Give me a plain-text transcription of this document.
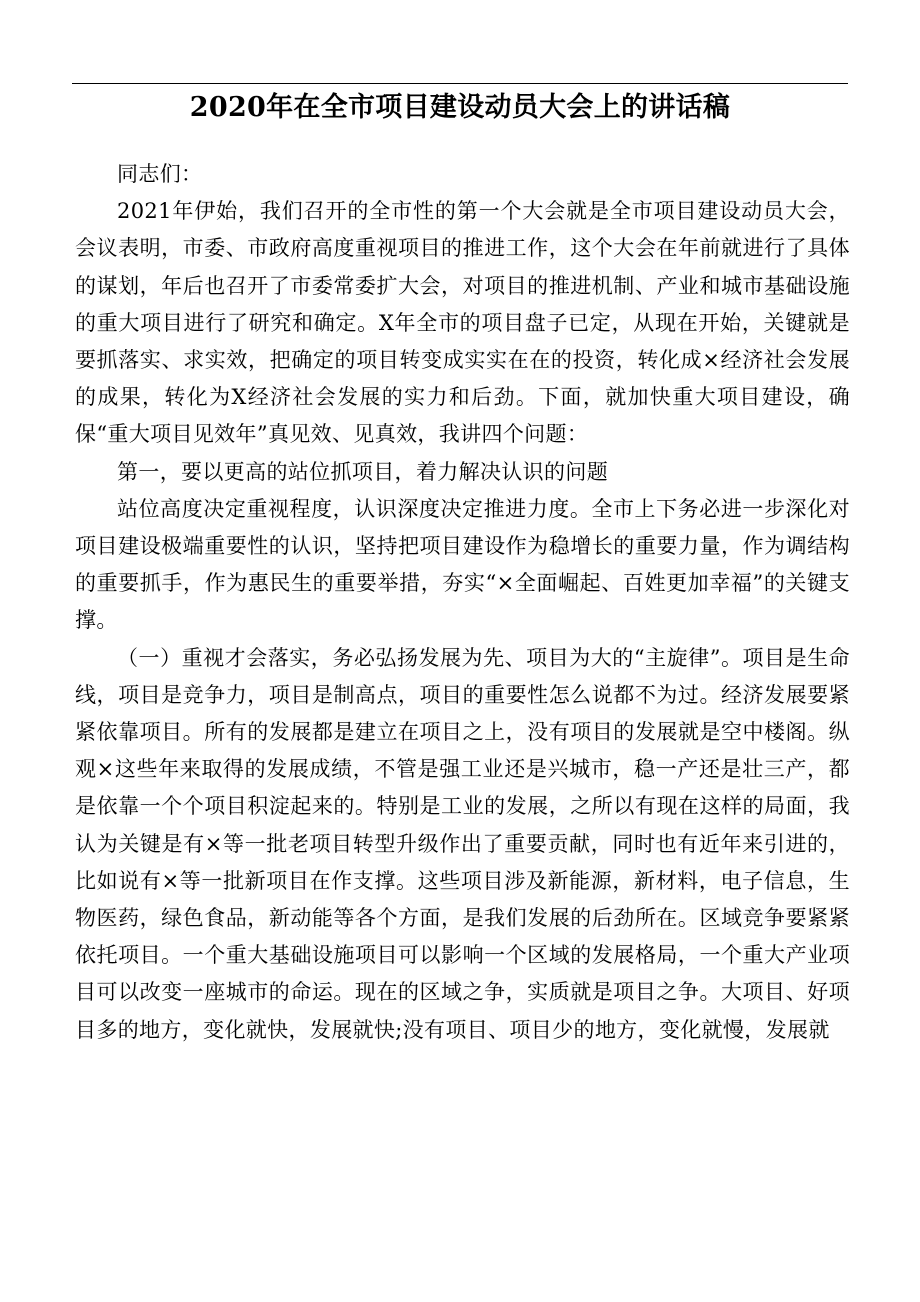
2020年在全市项目建设动员大会上的讲话稿

同志们：

2021年伊始，我们召开的全市性的第一个大会就是全市项目建设动员大会，会议表明，市委、市政府高度重视项目的推进工作，这个大会在年前就进行了具体的谋划，年后也召开了市委常委扩大会，对项目的推进机制、产业和城市基础设施的重大项目进行了研究和确定。X年全市的项目盘子已定，从现在开始，关键就是要抓落实、求实效，把确定的项目转变成实实在在的投资，转化成×经济社会发展的成果，转化为X经济社会发展的实力和后劲。下面，就加快重大项目建设，确保“重大项目见效年”真见效、见真效，我讲四个问题：

第一，要以更高的站位抓项目，着力解决认识的问题

站位高度决定重视程度，认识深度决定推进力度。全市上下务必进一步深化对项目建设极端重要性的认识，坚持把项目建设作为稳增长的重要力量，作为调结构的重要抓手，作为惠民生的重要举措，夯实“×全面崛起、百姓更加幸福”的关键支撑。

（一）重视才会落实，务必弘扬发展为先、项目为大的“主旋律”。项目是生命线，项目是竞争力，项目是制高点，项目的重要性怎么说都不为过。经济发展要紧紧依靠项目。所有的发展都是建立在项目之上，没有项目的发展就是空中楼阁。纵观×这些年来取得的发展成绩，不管是强工业还是兴城市，稳一产还是壮三产，都是依靠一个个项目积淀起来的。特别是工业的发展，之所以有现在这样的局面，我认为关键是有×等一批老项目转型升级作出了重要贡献，同时也有近年来引进的，比如说有×等一批新项目在作支撑。这些项目涉及新能源，新材料，电子信息，生物医药，绿色食品，新动能等各个方面，是我们发展的后劲所在。区域竞争要紧紧依托项目。一个重大基础设施项目可以影响一个区域的发展格局，一个重大产业项目可以改变一座城市的命运。现在的区域之争，实质就是项目之争。大项目、好项目多的地方，变化就快，发展就快;没有项目、项目少的地方，变化就慢，发展就
